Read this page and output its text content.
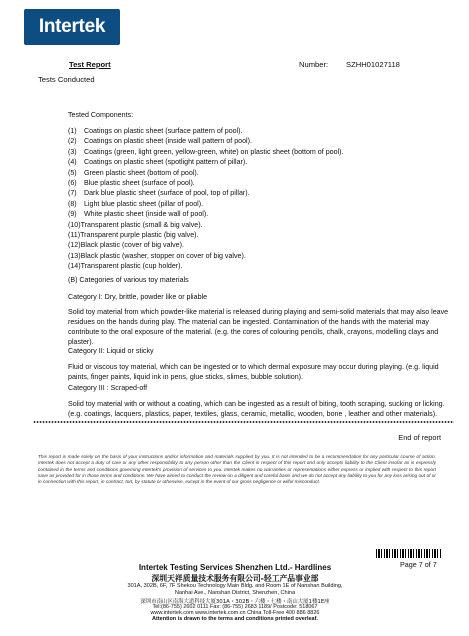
Intertek
Test Report	Number: SZHH01027118
Tests Conducted
Tested Components:
(1) Coatings on plastic sheet (surface pattern of pool).
(2) Coatings on plastic sheet (inside wall pattern of pool).
(3) Coatings (green, light green, yellow-green, white) on plastic sheet (bottom of pool).
(4) Coatings on plastic sheet (spotlight pattern of pillar).
(5) Green plastic sheet (bottom of pool).
(6) Blue plastic sheet (surface of pool).
(7) Dark blue plastic sheet (surface of pool, top of pillar).
(8) Light blue plastic sheet (pillar of pool).
(9) White plastic sheet (inside wall of pool).
(10)Transparent plastic (small & big valve).
(11)Transparent purple plastic (big valve).
(12)Black plastic (cover of big valve).
(13)Black plastic (washer, stopper on cover of big valve).
(14)Transparent plastic (cup holder).
(B) Categories of various toy materials
Category I: Dry, brittle, powder like or pliable
Solid toy material from which powder-like material is released during playing and semi-solid materials that may also leave residues on the hands during play. The material can be ingested. Contamination of the hands with the material may contribute to the oral exposure of the material. (e.g. the cores of colouring pencils, chalk, crayons, modelling clays and plaster).
Category II: Liquid or sticky
Fluid or viscous toy material, which can be ingested or to which dermal exposure may occur during playing. (e.g. liquid paints, finger paints, liquid ink in pens, glue sticks, slimes, bubble solution).
Category III : Scraped-off
Solid toy material with or without a coating, which can be ingested as a result of biting, tooth scraping, sucking or licking. (e.g. coatings, lacquers, plastics, paper, textiles, glass, ceramic, metallic, wooden, bone , leather and other materials).
End of report
This report is made solely on the basis of your instructions and/or information and materials supplied by you. It is not intended to be a recommendation for any particular course of action. Intertek does not accept a duty of care or any other responsibility to any person other than the Client in respect of this report and only accepts liability to the Client insofar as is expressly contained in the terms and conditions governing Intertek's provision of services to you. Intertek makes no warranties or representations either express or implied with respect to this report save as provided for in those terms and conditions. We have aimed to conduct the review on a diligent and careful basis and we do not accept any liability to you for any loss arising out of or in connection with this report, in contract, tort, by statute or otherwise, except in the event of our gross negligence or wilful misconduct.
Page 7 of 7
Intertek Testing Services Shenzhen Ltd.- Hardlines
深圳天祥质量技术服务有限公司-轻工产品事业部
301A, 302B, 6F, 7F Shekou Technology Main Bldg. and Room 1E of Nanshan Building,
Nanhai Ave., Nanshan District, Shenzhen, China
深圳市南山区南海大道科技大厦301A・302B・六楼・七楼・南山大厦1楼1E座
Tel:(86-755) 2602 0111 Fax: (86-755) 2683 1189/ Postcode: 518067
www.intertek.com www.intertek.com.cn China Toll-Free 400 886 8826
Attention is drawn to the terms and conditions printed overleaf.
